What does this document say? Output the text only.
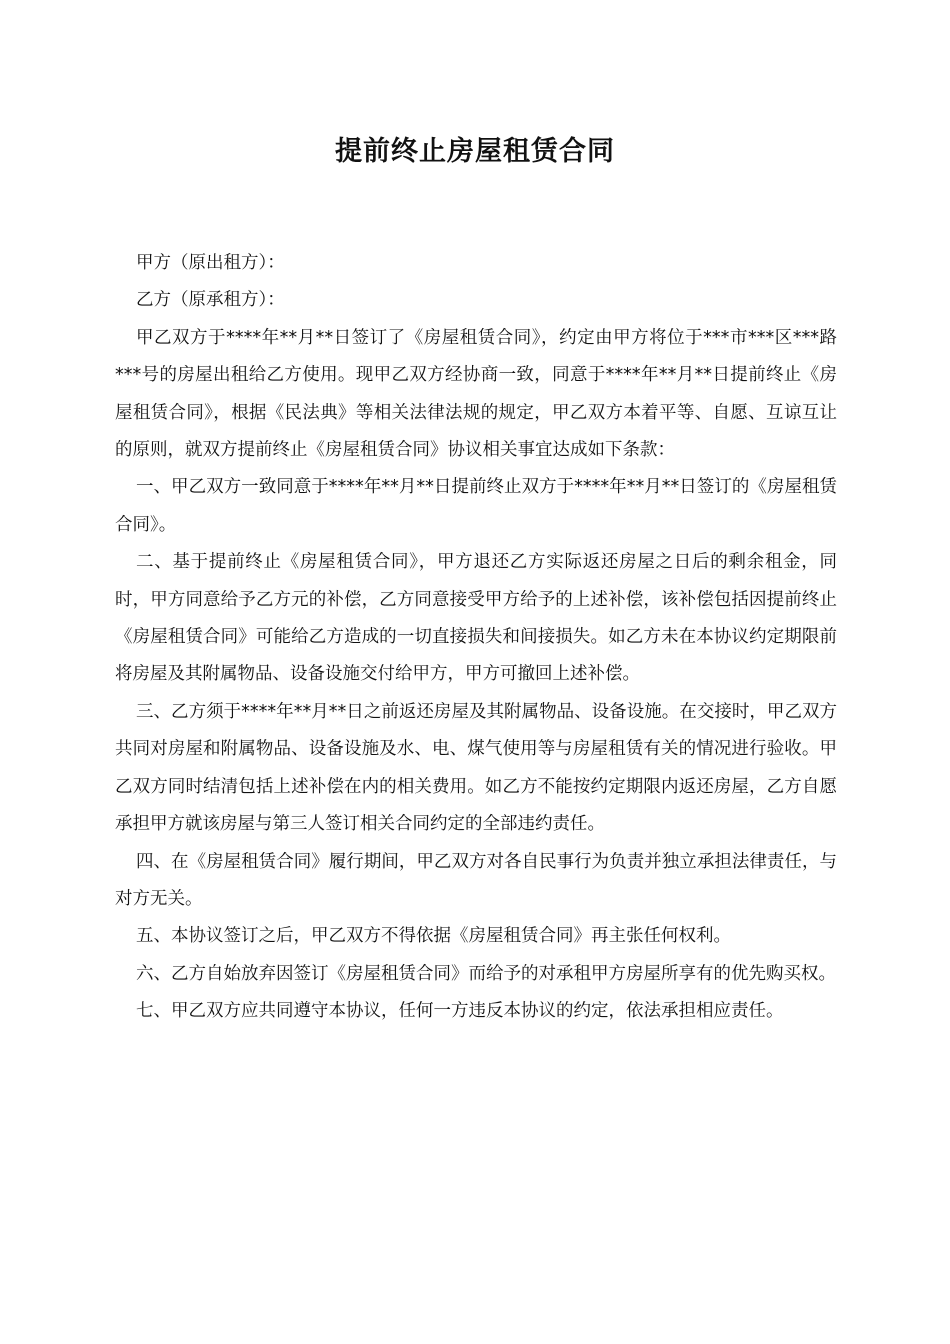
提前终止房屋租赁合同

甲方（原出租方）：

乙方（原承租方）：

甲乙双方于****年**月**日签订了《房屋租赁合同》，约定由甲方将位于***市***区***路***号的房屋出租给乙方使用。现甲乙双方经协商一致，同意于****年**月**日提前终止《房屋租赁合同》，根据《民法典》等相关法律法规的规定，甲乙双方本着平等、自愿、互谅互让的原则，就双方提前终止《房屋租赁合同》协议相关事宜达成如下条款：

一、甲乙双方一致同意于****年**月**日提前终止双方于****年**月**日签订的《房屋租赁合同》。

二、基于提前终止《房屋租赁合同》，甲方退还乙方实际返还房屋之日后的剩余租金，同时，甲方同意给予乙方元的补偿，乙方同意接受甲方给予的上述补偿，该补偿包括因提前终止《房屋租赁合同》可能给乙方造成的一切直接损失和间接损失。如乙方未在本协议约定期限前将房屋及其附属物品、设备设施交付给甲方，甲方可撤回上述补偿。

三、乙方须于****年**月**日之前返还房屋及其附属物品、设备设施。在交接时，甲乙双方共同对房屋和附属物品、设备设施及水、电、煤气使用等与房屋租赁有关的情况进行验收。甲乙双方同时结清包括上述补偿在内的相关费用。如乙方不能按约定期限内返还房屋，乙方自愿承担甲方就该房屋与第三人签订相关合同约定的全部违约责任。

四、在《房屋租赁合同》履行期间，甲乙双方对各自民事行为负责并独立承担法律责任，与对方无关。

五、本协议签订之后，甲乙双方不得依据《房屋租赁合同》再主张任何权利。

六、乙方自始放弃因签订《房屋租赁合同》而给予的对承租甲方房屋所享有的优先购买权。

七、甲乙双方应共同遵守本协议，任何一方违反本协议的约定，依法承担相应责任。
